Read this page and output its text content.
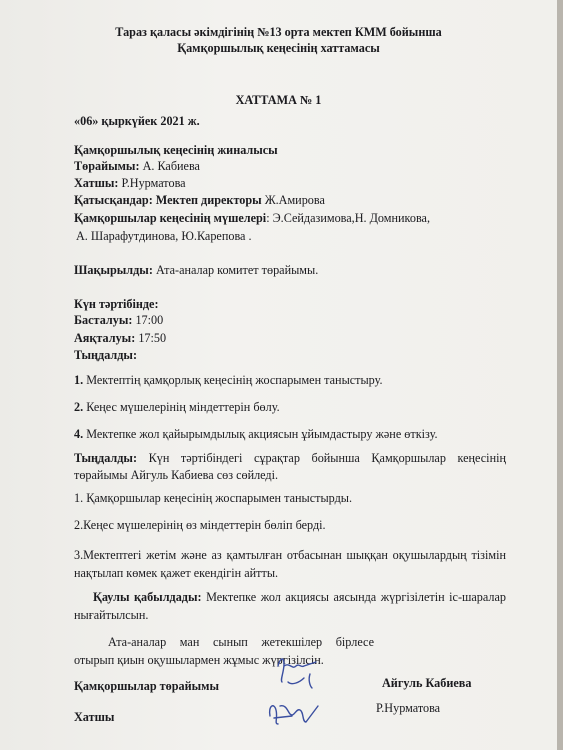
Тараз қаласы әкімдігінің №13 орта мектеп КММ бойынша
Қамқоршылық кеңесінің хаттамасы
ХАТТАМА № 1
«06» қыркүйек 2021 ж.
Қамқоршылық кеңесінің жиналысы
Төрайымы: А. Кабиева
Хатшы: Р.Нурматова
Қатысқандар: Мектеп директоры Ж.Амирова
Қамқоршылар кеңесінің мүшелері: Э.Сейдазимова,Н. Домникова,
А. Шарафутдинова, Ю.Карепова .
Шақырылды: Ата-аналар комитет төрайымы.
Күн тәртібінде:
Басталуы: 17:00
Аяқталуы: 17:50
Тыңдалды:
1. Мектептің қамқорлық кеңесінің жоспарымен таныстыру.
2. Кеңес мүшелерінің міндеттерін бөлу.
4. Мектепке жол қайырымдылық акциясын ұйымдастыру және өткізу.
Тыңдалды: Күн тәртібіндегі сұрақтар бойынша Қамқоршылар кеңесінің төрайымы Айгуль Кабиева сөз сөйледі.
1. Қамқоршылар кеңесінің жоспарымен таныстырды.
2.Кеңес мүшелерінің өз міндеттерін бөліп берді.
3.Мектептегі жетім және аз қамтылған отбасынан шыққан оқушылардың тізімін нақтылап көмек қажет екендігін айтты.
Қаулы қабылдады: Мектепке жол акциясы аясында жүргізілетін іс-шаралар нығайтылсын.
Ата-аналар ман сынып жетекшілер бірлесе отырып қиын оқушылармен жұмыс жүргізілсін.
Қамқоршылар төрайымы	Айгуль Кабиева
Хатшы
Р.Нурматова
